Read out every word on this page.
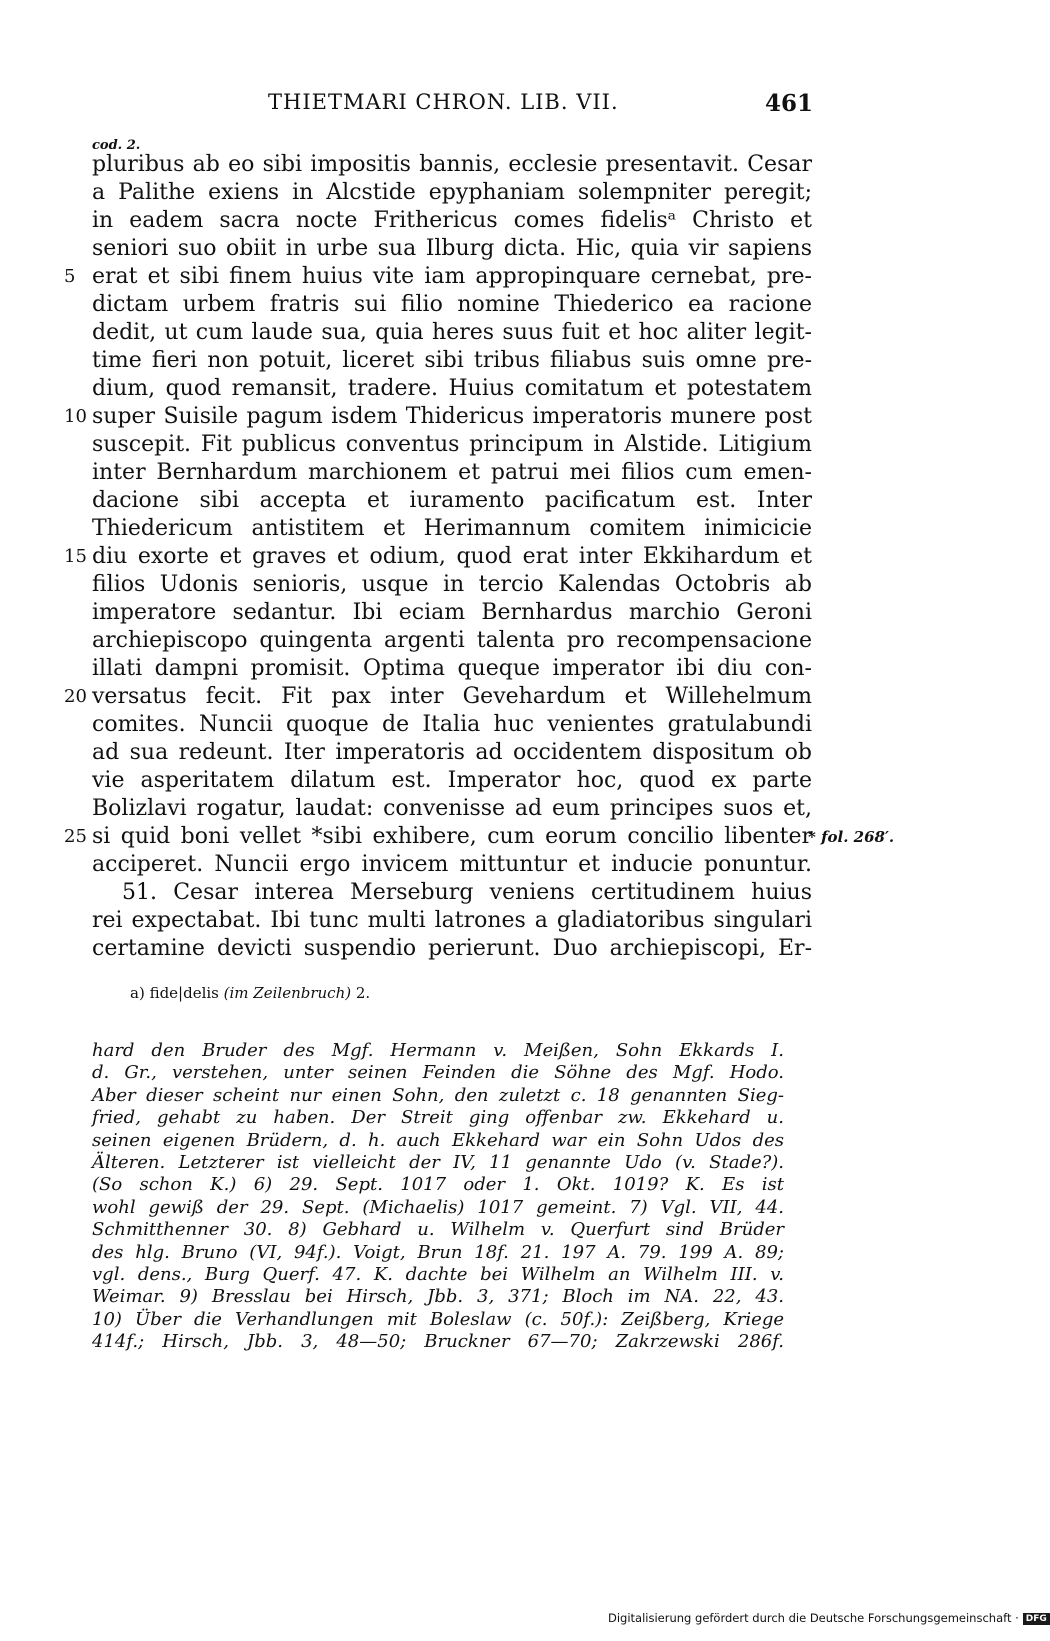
THIETMARI CHRON. LIB. VII.	461
cod. 2.
pluribus ab eo sibi impositis bannis, ecclesie presentavit. Cesar
a Palithe exiens in Alcstide epyphaniam solempniter peregit;
in eadem sacra nocte Frithericus comes fidelisᵃ Christo et
seniori suo obiit in urbe sua Ilburg dicta. Hic, quia vir sapiens
5 erat et sibi finem huius vite iam appropinquare cernebat, pre-
dictam urbem fratris sui filio nomine Thiederico ea racione
dedit, ut cum laude sua, quia heres suus fuit et hoc aliter legit-
time fieri non potuit, liceret sibi tribus filiabus suis omne pre-
dium, quod remansit, tradere. Huius comitatum et potestatem
10 super Suisile pagum isdem Thidericus imperatoris munere post
suscepit. Fit publicus conventus principum in Alstide. Litigium
inter Bernhardum marchionem et patrui mei filios cum emen-
dacione sibi accepta et iuramento pacificatum est. Inter
Thiedericum antistitem et Herimannum comitem inimicicie
15 diu exorte et graves et odium, quod erat inter Ekkihardum et
filios Udonis senioris, usque in tercio Kalendas Octobris ab
imperatore sedantur. Ibi eciam Bernhardus marchio Geroni
archiepiscopo quingenta argenti talenta pro recompensacione
illati dampni promisit. Optima queque imperator ibi diu con-
20 versatus fecit. Fit pax inter Gevehardum et Willehelmum
comites. Nuncii quoque de Italia huc venientes gratulabundi
ad sua redeunt. Iter imperatoris ad occidentem dispositum ob
vie asperitatem dilatum est. Imperator hoc, quod ex parte
Bolizlavi rogatur, laudat: convenisse ad eum principes suos et,
25 si quid boni vellet *sibi exhibere, cum eorum concilio libenter
* fol. 268′.
acciperet. Nuncii ergo invicem mittuntur et inducie ponuntur.
51. Cesar interea Merseburg veniens certitudinem huius
rei expectabat. Ibi tunc multi latrones a gladiatoribus singulari
certamine devicti suspendio perierunt. Duo archiepiscopi, Er-
a) fide|delis (im Zeilenbruch) 2.
hard den Bruder des Mgf. Hermann v. Meißen, Sohn Ekkards I.
d. Gr., verstehen, unter seinen Feinden die Söhne des Mgf. Hodo.
Aber dieser scheint nur einen Sohn, den zuletzt c. 18 genannten Sieg-
fried, gehabt zu haben. Der Streit ging offenbar zw. Ekkehard u.
seinen eigenen Brüdern, d. h. auch Ekkehard war ein Sohn Udos des
Älteren. Letzterer ist vielleicht der IV, 11 genannte Udo (v. Stade?).
(So schon K.) 6) 29. Sept. 1017 oder 1. Okt. 1019? K. Es ist
wohl gewiß der 29. Sept. (Michaelis) 1017 gemeint. 7) Vgl. VII, 44.
Schmitthenner 30. 8) Gebhard u. Wilhelm v. Querfurt sind Brüder
des hlg. Bruno (VI, 94f.). Voigt, Brun 18f. 21. 197 A. 79. 199 A. 89;
vgl. dens., Burg Querf. 47. K. dachte bei Wilhelm an Wilhelm III. v.
Weimar. 9) Bresslau bei Hirsch, Jbb. 3, 371; Bloch im NA. 22, 43.
10) Über die Verhandlungen mit Boleslaw (c. 50f.): Zeißberg, Kriege
414f.; Hirsch, Jbb. 3, 48—50; Bruckner 67—70; Zakrzewski 286f.
Digitalisierung gefördert durch die Deutsche Forschungsgemeinschaft · DFG
